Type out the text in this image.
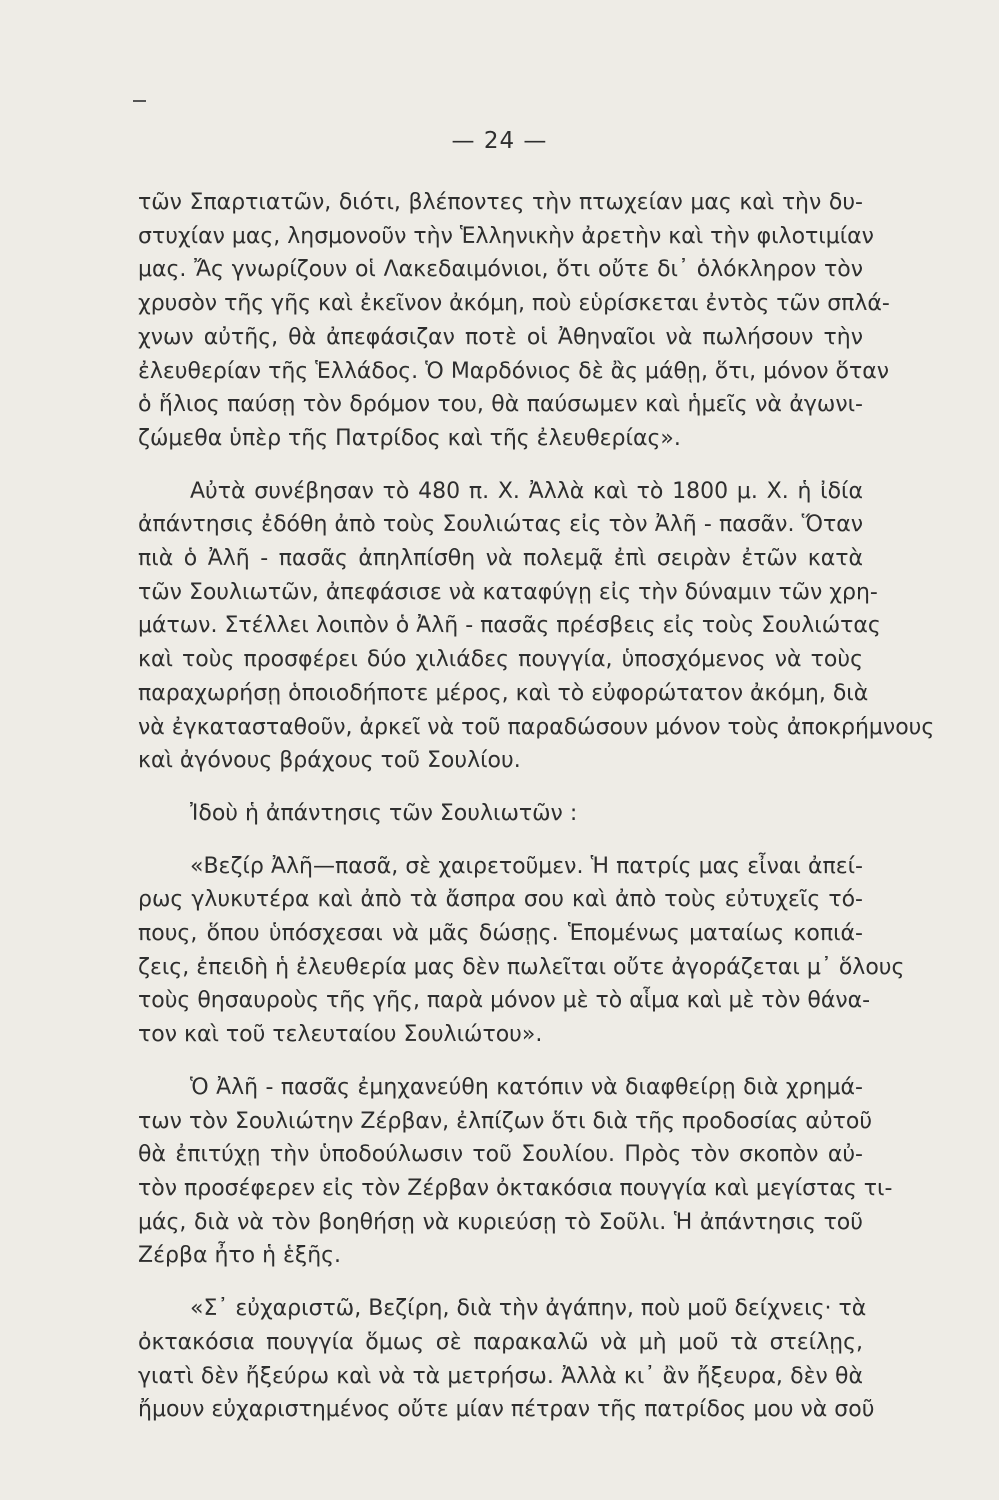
— 24 —
τῶν Σπαρτιατῶν, διότι, βλέποντες τὴν πτωχείαν μας καὶ τὴν δυ-
στυχίαν μας, λησμονοῦν τὴν Ἑλληνικὴν ἀρετὴν καὶ τὴν φιλοτιμίαν
μας. Ἄς γνωρίζουν οἱ Λακεδαιμόνιοι, ὅτι οὔτε δι᾽ ὁλόκληρον τὸν
χρυσὸν τῆς γῆς καὶ ἐκεῖνον ἀκόμη, ποὺ εὑρίσκεται ἐντὸς τῶν σπλά-
χνων αὐτῆς, θὰ ἀπεφάσιζαν ποτὲ οἱ Ἀθηναῖοι νὰ πωλήσουν τὴν
ἐλευθερίαν τῆς Ἑλλάδος. Ὁ Μαρδόνιος δὲ ἂς μάθῃ, ὅτι, μόνον ὅταν
ὁ ἥλιος παύσῃ τὸν δρόμον του, θὰ παύσωμεν καὶ ἡμεῖς νὰ ἀγωνι-
ζώμεθα ὑπὲρ τῆς Πατρίδος καὶ τῆς ἐλευθερίας».
Αὐτὰ συνέβησαν τὸ 480 π. Χ. Ἀλλὰ καὶ τὸ 1800 μ. Χ. ἡ ἰδία
ἀπάντησις ἐδόθη ἀπὸ τοὺς Σουλιώτας εἰς τὸν Ἀλῆ - πασᾶν. Ὅταν
πιὰ ὁ Ἀλῆ - πασᾶς ἀπηλπίσθη νὰ πολεμᾷ ἐπὶ σειρὰν ἐτῶν κατὰ
τῶν Σουλιωτῶν, ἀπεφάσισε νὰ καταφύγῃ εἰς τὴν δύναμιν τῶν χρη-
μάτων. Στέλλει λοιπὸν ὁ Ἀλῆ - πασᾶς πρέσβεις εἰς τοὺς Σουλιώτας
καὶ τοὺς προσφέρει δύο χιλιάδες πουγγία, ὑποσχόμενος νὰ τοὺς
παραχωρήσῃ ὁποιοδήποτε μέρος, καὶ τὸ εὐφορώτατον ἀκόμη, διὰ
νὰ ἐγκατασταθοῦν, ἀρκεῖ νὰ τοῦ παραδώσουν μόνον τοὺς ἀποκρήμνους
καὶ ἀγόνους βράχους τοῦ Σουλίου.
Ἰδοὺ ἡ ἀπάντησις τῶν Σουλιωτῶν :
«Βεζίρ Ἀλῆ—πασᾶ, σὲ χαιρετοῦμεν. Ἡ πατρίς μας εἶναι ἀπεί-
ρως γλυκυτέρα καὶ ἀπὸ τὰ ἄσπρα σου καὶ ἀπὸ τοὺς εὐτυχεῖς τό-
πους, ὅπου ὑπόσχεσαι νὰ μᾶς δώσῃς. Ἑπομένως ματαίως κοπιά-
ζεις, ἐπειδὴ ἡ ἐλευθερία μας δὲν πωλεῖται οὔτε ἀγοράζεται μ᾽ ὅλους
τοὺς θησαυροὺς τῆς γῆς, παρὰ μόνον μὲ τὸ αἷμα καὶ μὲ τὸν θάνα-
τον καὶ τοῦ τελευταίου Σουλιώτου».
Ὁ Ἀλῆ - πασᾶς ἐμηχανεύθη κατόπιν νὰ διαφθείρῃ διὰ χρημά-
των τὸν Σουλιώτην Ζέρβαν, ἐλπίζων ὅτι διὰ τῆς προδοσίας αὐτοῦ
θὰ ἐπιτύχῃ τὴν ὑποδούλωσιν τοῦ Σουλίου. Πρὸς τὸν σκοπὸν αὐ-
τὸν προσέφερεν εἰς τὸν Ζέρβαν ὀκτακόσια πουγγία καὶ μεγίστας τι-
μάς, διὰ νὰ τὸν βοηθήσῃ νὰ κυριεύσῃ τὸ Σοῦλι. Ἡ ἀπάντησις τοῦ
Ζέρβα ἦτο ἡ ἑξῆς.
«Σ᾽ εὐχαριστῶ, Βεζίρη, διὰ τὴν ἀγάπην, ποὺ μοῦ δείχνεις· τὰ
ὀκτακόσια πουγγία ὅμως σὲ παρακαλῶ νὰ μὴ μοῦ τὰ στείλῃς,
γιατὶ δὲν ἤξεύρω καὶ νὰ τὰ μετρήσω. Ἀλλὰ κι᾽ ἂν ἤξευρα, δὲν θὰ
ἤμουν εὐχαριστημένος οὔτε μίαν πέτραν τῆς πατρίδος μου νὰ σοῦ
